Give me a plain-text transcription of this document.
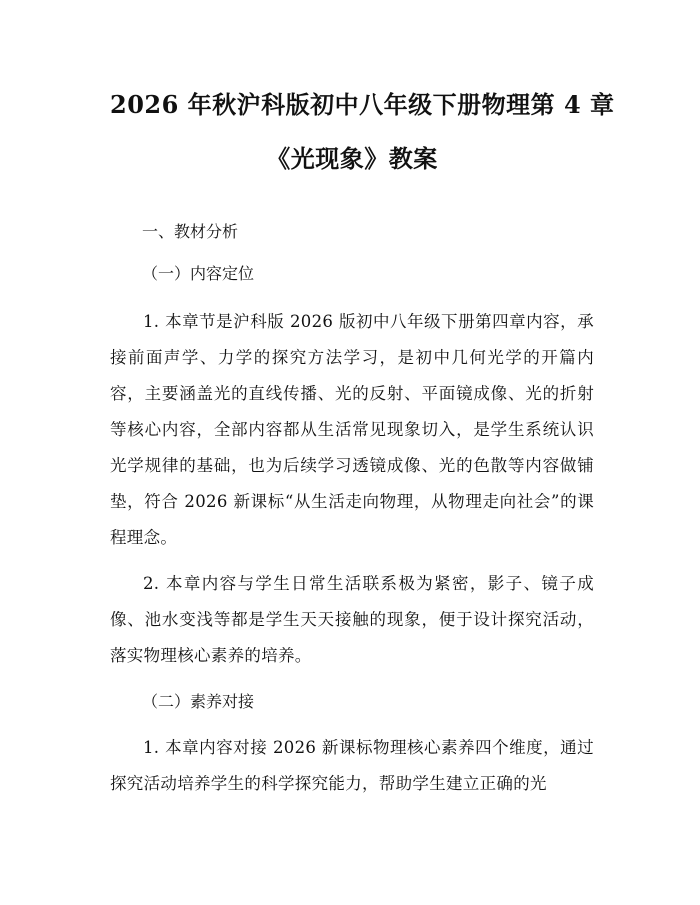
2026 年秋沪科版初中八年级下册物理第 4 章
《光现象》教案

一、教材分析

（一）内容定位

1. 本章节是沪科版 2026 版初中八年级下册第四章内容，承接前面声学、力学的探究方法学习，是初中几何光学的开篇内容，主要涵盖光的直线传播、光的反射、平面镜成像、光的折射等核心内容，全部内容都从生活常见现象切入，是学生系统认识光学规律的基础，也为后续学习透镜成像、光的色散等内容做铺垫，符合 2026 新课标“从生活走向物理，从物理走向社会”的课程理念。

2. 本章内容与学生日常生活联系极为紧密，影子、镜子成像、池水变浅等都是学生天天接触的现象，便于设计探究活动，落实物理核心素养的培养。

（二）素养对接

1. 本章内容对接 2026 新课标物理核心素养四个维度，通过探究活动培养学生的科学探究能力，帮助学生建立正确的光
